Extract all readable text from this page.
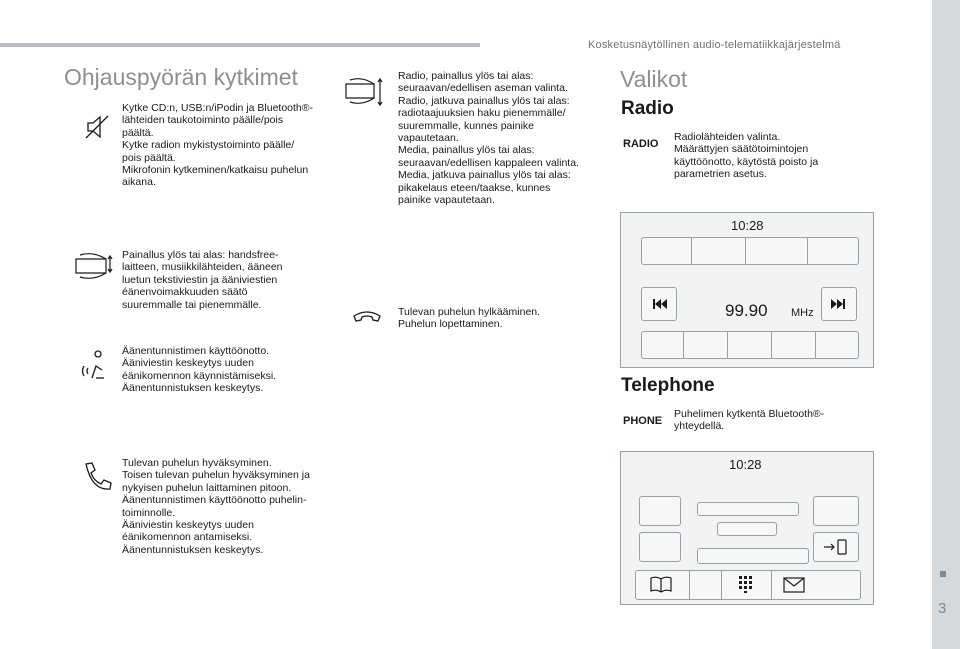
Kosketusnäytöllinen audio-telematiikkajärjestelmä
3
Ohjauspyörän kytkimet
Kytke CD:n, USB:n/iPodin ja Bluetooth®-
lähteiden taukotoiminto päälle/pois
päältä.
Kytke radion mykistystoiminto päälle/
pois päältä.
Mikrofonin kytkeminen/katkaisu puhelun
aikana.
Painallus ylös tai alas: handsfree-
laitteen, musiikkilähteiden, ääneen
luetun tekstiviestin ja ääniviestien
éänenvoimakkuuden säätö
suuremmalle tai pienemmälle.
Äänentunnistimen käyttöönotto.
Ääniviestin keskeytys uuden
éänikomennon käynnistämiseksi.
Äänentunnistuksen keskeytys.
Tulevan puhelun hyväksyminen.
Toisen tulevan puhelun hyväksyminen ja
nykyisen puhelun laittaminen pitoon.
Äänentunnistimen käyttöönotto puhelin-
toiminnolle.
Ääniviestin keskeytys uuden
éänikomennon antamiseksi.
Äänentunnistuksen keskeytys.
Radio, painallus ylös tai alas:
seuraavan/edellisen aseman valinta.
Radio, jatkuva painallus ylös tai alas:
radiotaajuuksien haku pienemmälle/
suuremmalle, kunnes painike
vapautetaan.
Media, painallus ylös tai alas:
seuraavan/edellisen kappaleen valinta.
Media, jatkuva painallus ylös tai alas:
pikakelaus eteen/taakse, kunnes
painike vapautetaan.
Tulevan puhelun hylkääminen.
Puhelun lopettaminen.
Valikot
Radio
RADIO
Radiolähteiden valinta.
Määrättyjen säätötoimintojen
käyttöönotto, käytöstä poisto ja
parametrien asetus.
10:28
99.90 MHz
Telephone
PHONE
Puhelimen kytkentä Bluetooth®-
yhteydellä.
10:28
